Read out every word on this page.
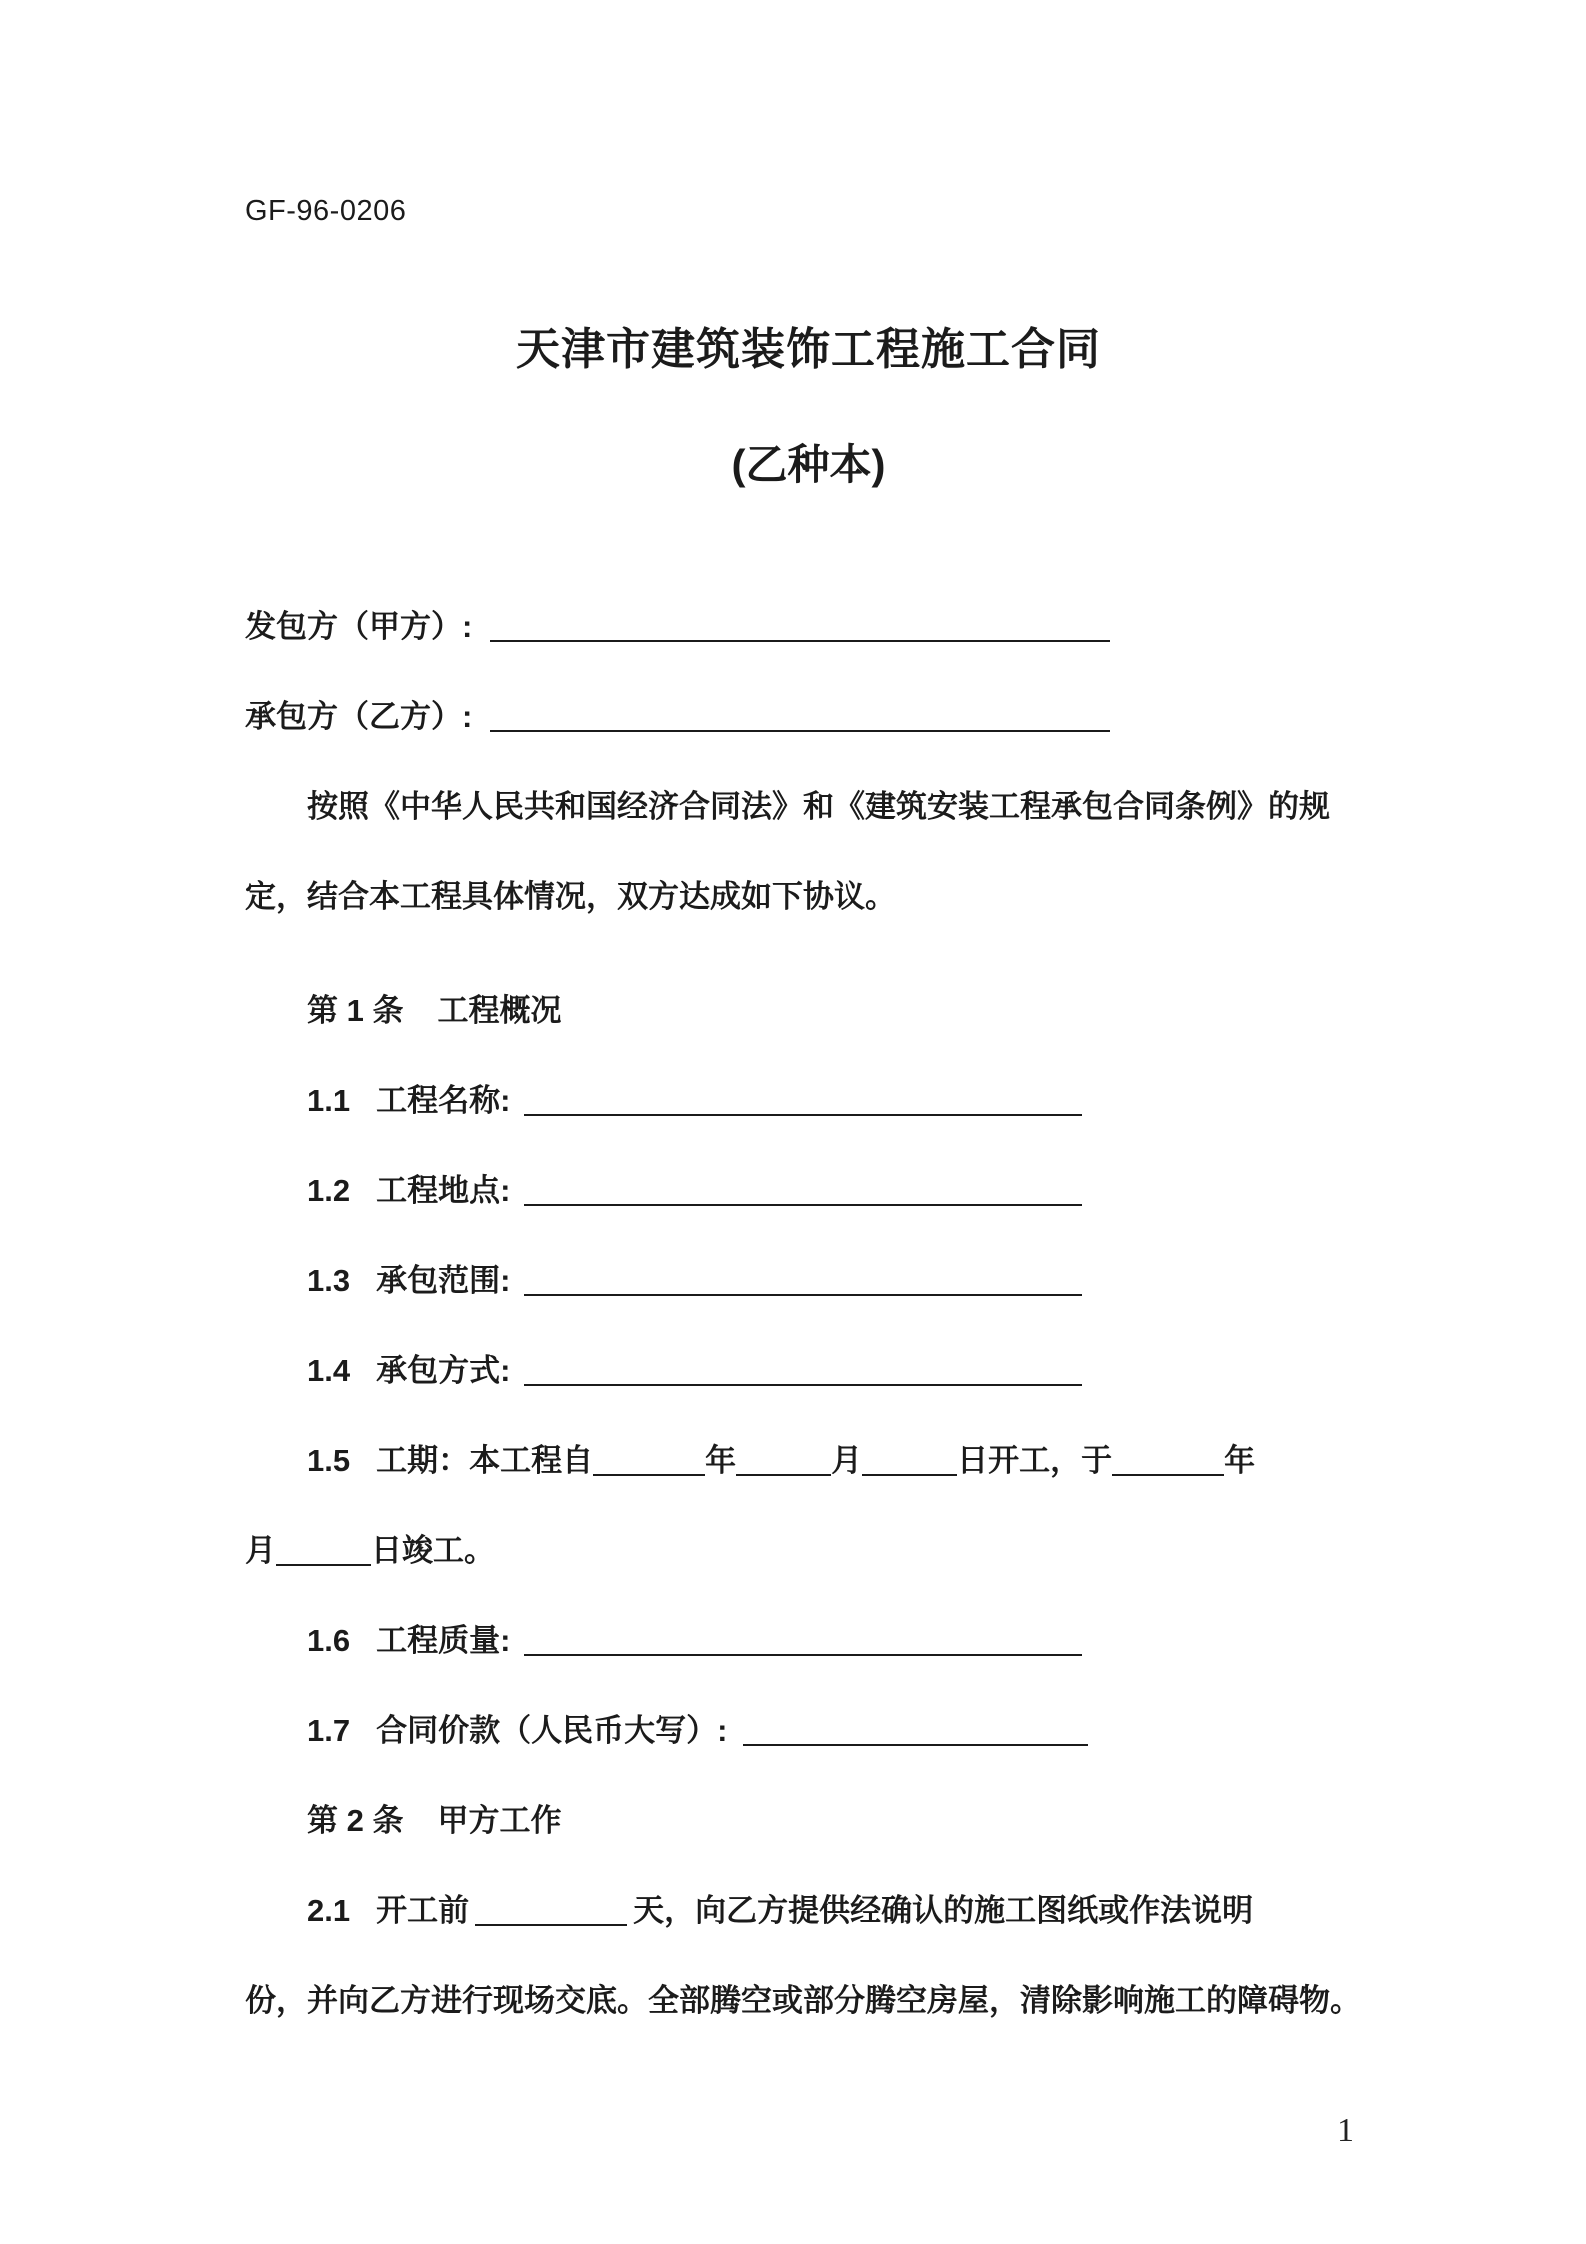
GF-96-0206
天津市建筑装饰工程施工合同
(乙种本)

发包方（甲方）:

承包方（乙方）:

按照《中华人民共和国经济合同法》和《建筑安装工程承包合同条例》的规
定，结合本工程具体情况，双方达成如下协议。

第 1 条 工程概况

1.1 工程名称:

1.2 工程地点:

1.3 承包范围:

1.4 承包方式:

1.5 工期：本工程自	年	月	日开工，于	年
月	日竣工。

1.6 工程质量:

1.7 合同价款（人民币大写）:

第 2 条 甲方工作

2.1 开工前	天，向乙方提供经确认的施工图纸或作法说明
份，并向乙方进行现场交底。全部腾空或部分腾空房屋，清除影响施工的障碍物。

1
